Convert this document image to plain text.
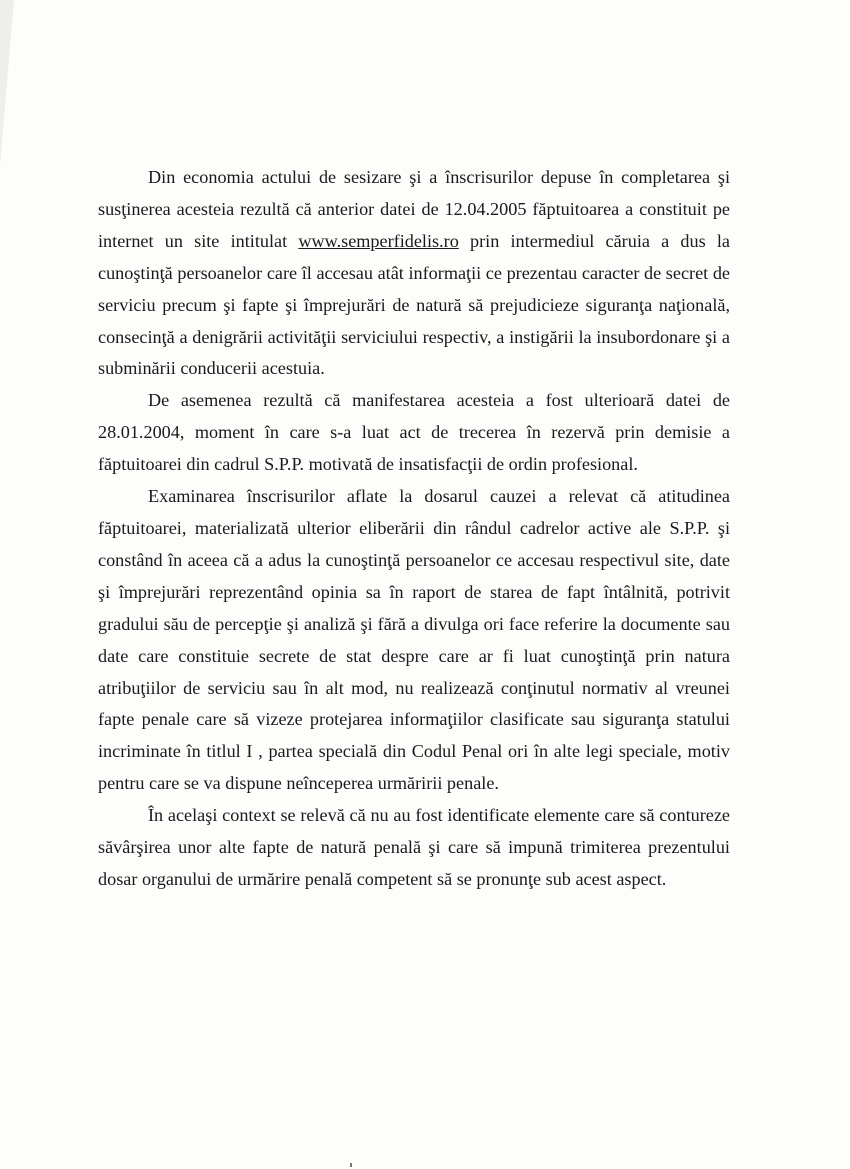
Din economia actului de sesizare şi a înscrisurilor depuse în completarea şi susţinerea acesteia rezultă că anterior datei de 12.04.2005 făptuitoarea a constituit pe internet un site intitulat www.semperfidelis.ro prin intermediul căruia a dus la cunoştinţă persoanelor care îl accesau atât informaţii ce prezentau caracter de secret de serviciu precum şi fapte şi împrejurări de natură să prejudicieze siguranţa naţională, consecinţă a denigrării activităţii serviciului respectiv, a instigării la insubordonare şi a subminării conducerii acestuia.

De asemenea rezultă că manifestarea acesteia a fost ulterioară datei de 28.01.2004, moment în care s-a luat act de trecerea în rezervă prin demisie a făptuitoarei din cadrul S.P.P. motivată de insatisfacţii de ordin profesional.

Examinarea înscrisurilor aflate la dosarul cauzei a relevat că atitudinea făptuitoarei, materializată ulterior eliberării din rândul cadrelor active ale S.P.P. şi constând în aceea că a adus la cunoştinţă persoanelor ce accesau respectivul site, date şi împrejurări reprezentând opinia sa în raport de starea de fapt întâlnită, potrivit gradului său de percepţie şi analiză şi fără a divulga ori face referire la documente sau date care constituie secrete de stat despre care ar fi luat cunoştinţă prin natura atribuţiilor de serviciu sau în alt mod, nu realizează conţinutul normativ al vreunei fapte penale care să vizeze protejarea informaţiilor clasificate sau siguranţa statului incriminate în titlul I , partea specială din Codul Penal ori în alte legi speciale, motiv pentru care se va dispune neînceperea urmăririi penale.

În acelaşi context se relevă că nu au fost identificate elemente care să contureze săvârşirea unor alte fapte de natură penală şi care să impună trimiterea prezentului dosar organului de urmărire penală competent să se pronunţe sub acest aspect.
